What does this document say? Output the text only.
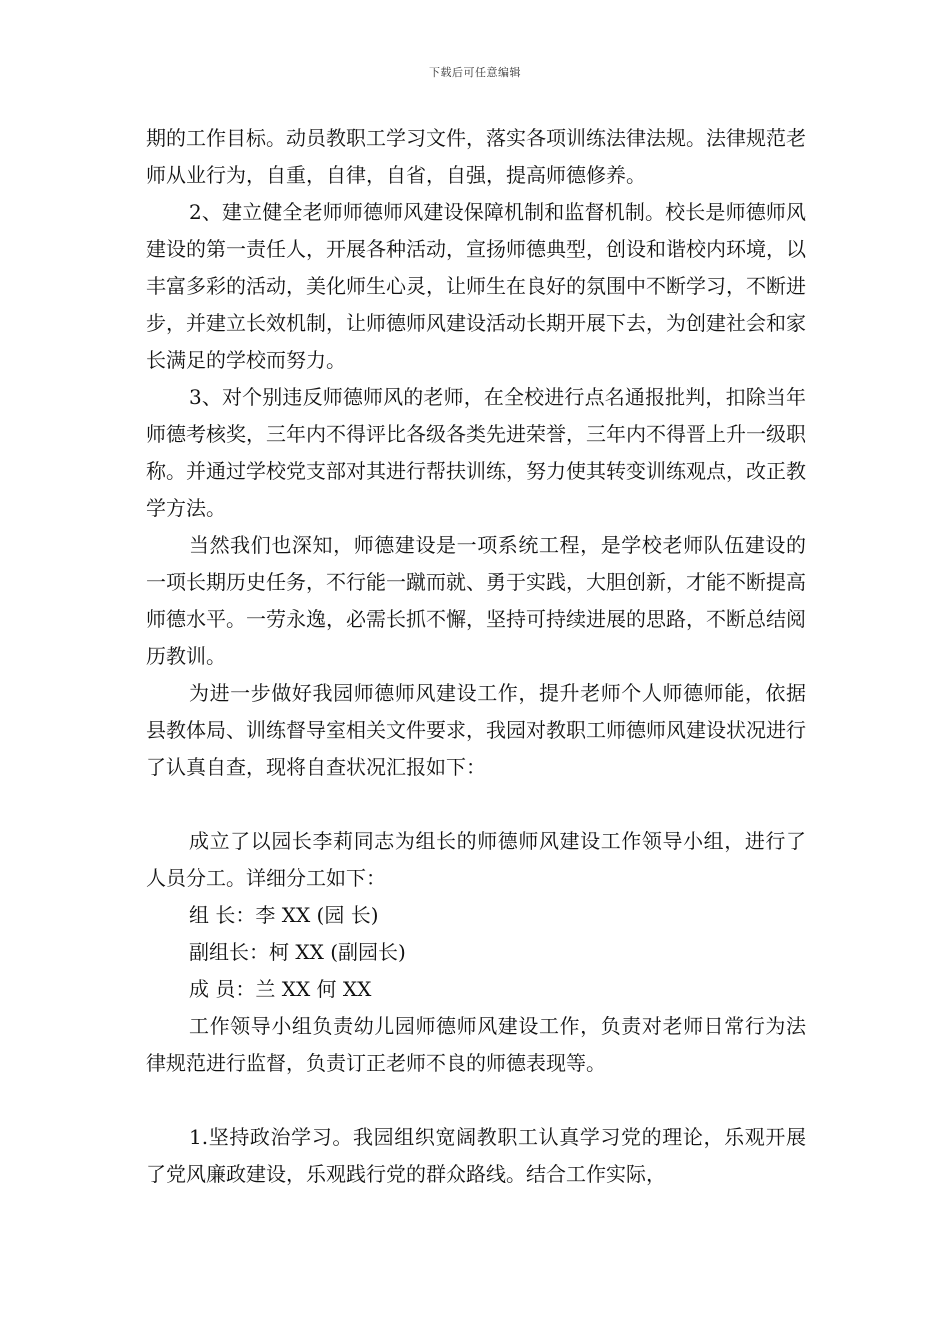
下载后可任意编辑

期的工作目标。动员教职工学习文件，落实各项训练法律法规。法律规范老师从业行为，自重，自律，自省，自强，提高师德修养。

2、建立健全老师师德师风建设保障机制和监督机制。校长是师德师风建设的第一责任人，开展各种活动，宣扬师德典型，创设和谐校内环境，以丰富多彩的活动，美化师生心灵，让师生在良好的氛围中不断学习，不断进步，并建立长效机制，让师德师风建设活动长期开展下去，为创建社会和家长满足的学校而努力。

3、对个别违反师德师风的老师，在全校进行点名通报批判，扣除当年师德考核奖，三年内不得评比各级各类先进荣誉，三年内不得晋上升一级职称。并通过学校党支部对其进行帮扶训练，努力使其转变训练观点，改正教学方法。

当然我们也深知，师德建设是一项系统工程，是学校老师队伍建设的一项长期历史任务，不行能一蹴而就、勇于实践，大胆创新，才能不断提高师德水平。一劳永逸，必需长抓不懈，坚持可持续进展的思路，不断总结阅历教训。

为进一步做好我园师德师风建设工作，提升老师个人师德师能，依据县教体局、训练督导室相关文件要求，我园对教职工师德师风建设状况进行了认真自查，现将自查状况汇报如下：

成立了以园长李莉同志为组长的师德师风建设工作领导小组，进行了人员分工。详细分工如下：

组 长：李 XX (园 长)

副组长：柯 XX (副园长)

成 员：兰 XX 何 XX

工作领导小组负责幼儿园师德师风建设工作，负责对老师日常行为法律规范进行监督，负责订正老师不良的师德表现等。

1.坚持政治学习。我园组织宽阔教职工认真学习党的理论，乐观开展了党风廉政建设，乐观践行党的群众路线。结合工作实际，
